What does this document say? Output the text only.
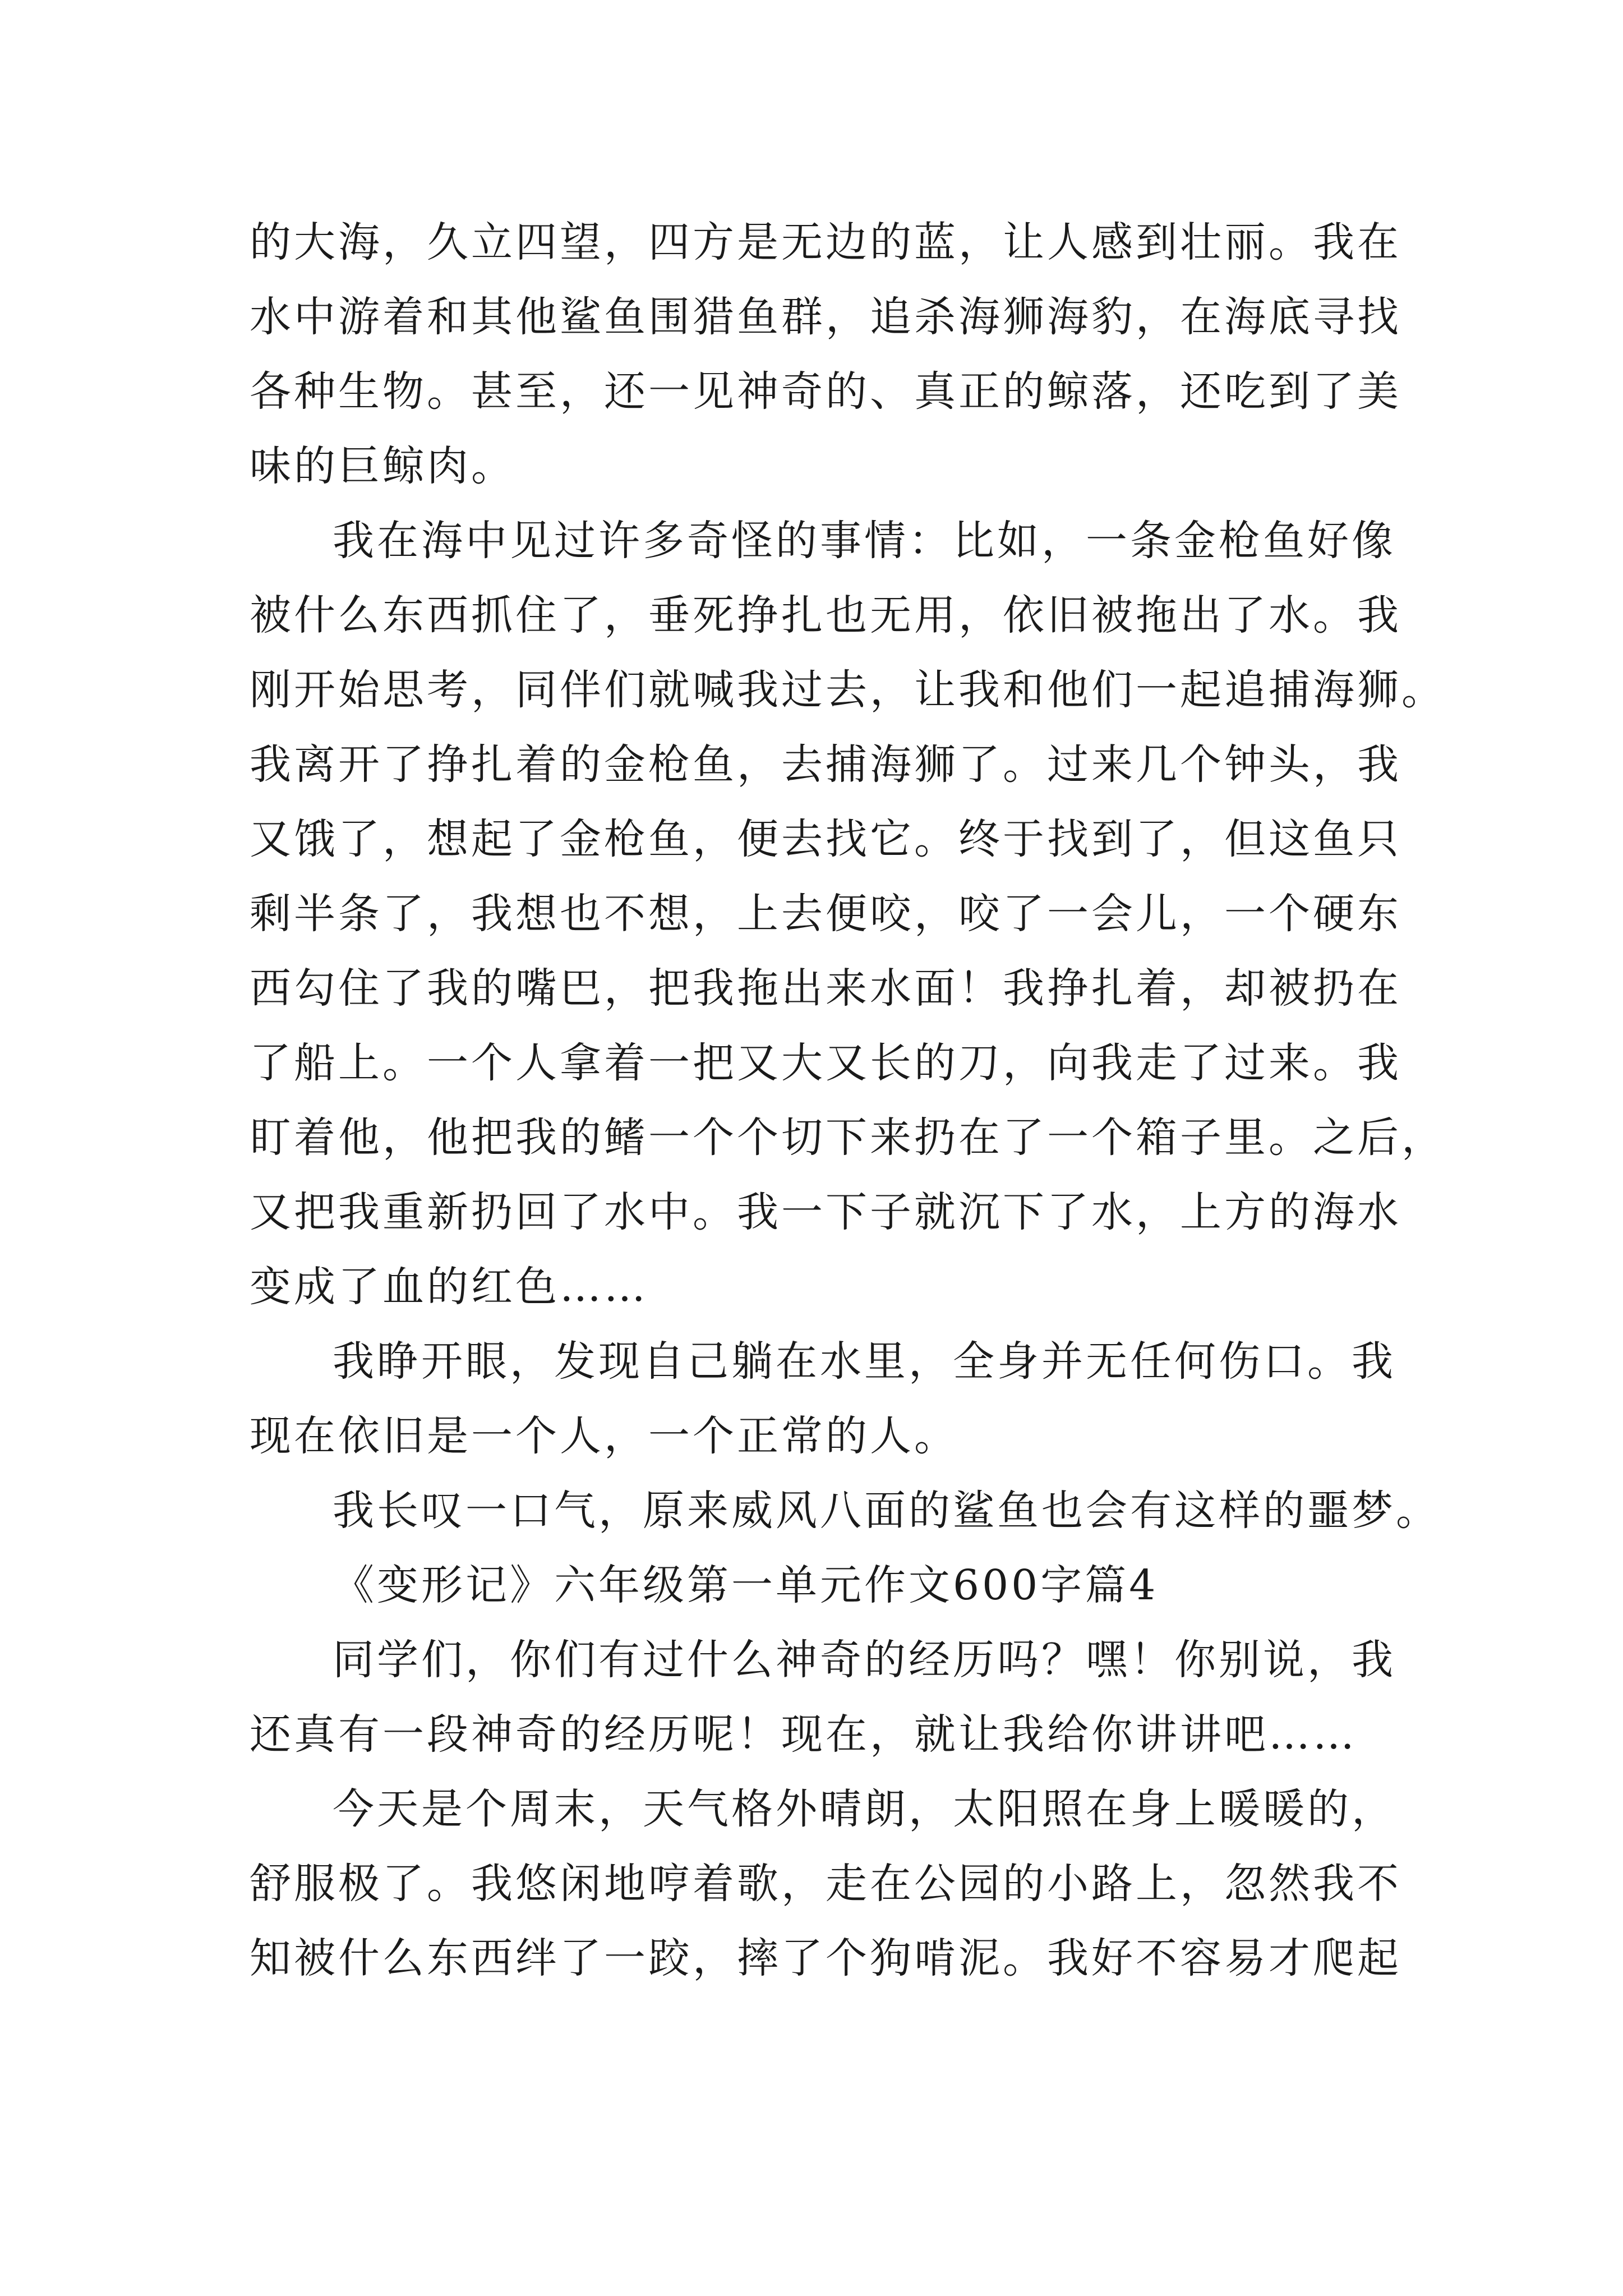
的大海，久立四望，四方是无边的蓝，让人感到壮丽。我在
水中游着和其他鲨鱼围猎鱼群，追杀海狮海豹，在海底寻找
各种生物。甚至，还一见神奇的、真正的鲸落，还吃到了美
味的巨鲸肉。
我在海中见过许多奇怪的事情：比如，一条金枪鱼好像
被什么东西抓住了，垂死挣扎也无用，依旧被拖出了水。我
刚开始思考，同伴们就喊我过去，让我和他们一起追捕海狮。
我离开了挣扎着的金枪鱼，去捕海狮了。过来几个钟头，我
又饿了，想起了金枪鱼，便去找它。终于找到了，但这鱼只
剩半条了，我想也不想，上去便咬，咬了一会儿，一个硬东
西勾住了我的嘴巴，把我拖出来水面！我挣扎着，却被扔在
了船上。一个人拿着一把又大又长的刀，向我走了过来。我
盯着他，他把我的鳍一个个切下来扔在了一个箱子里。之后，
又把我重新扔回了水中。我一下子就沉下了水，上方的海水
变成了血的红色……
我睁开眼，发现自己躺在水里，全身并无任何伤口。我
现在依旧是一个人，一个正常的人。
我长叹一口气，原来威风八面的鲨鱼也会有这样的噩梦。
《变形记》六年级第一单元作文600字篇4
同学们，你们有过什么神奇的经历吗？嘿！你别说，我
还真有一段神奇的经历呢！现在，就让我给你讲讲吧……
今天是个周末，天气格外晴朗，太阳照在身上暖暖的，
舒服极了。我悠闲地哼着歌，走在公园的小路上，忽然我不
知被什么东西绊了一跤，摔了个狗啃泥。我好不容易才爬起
